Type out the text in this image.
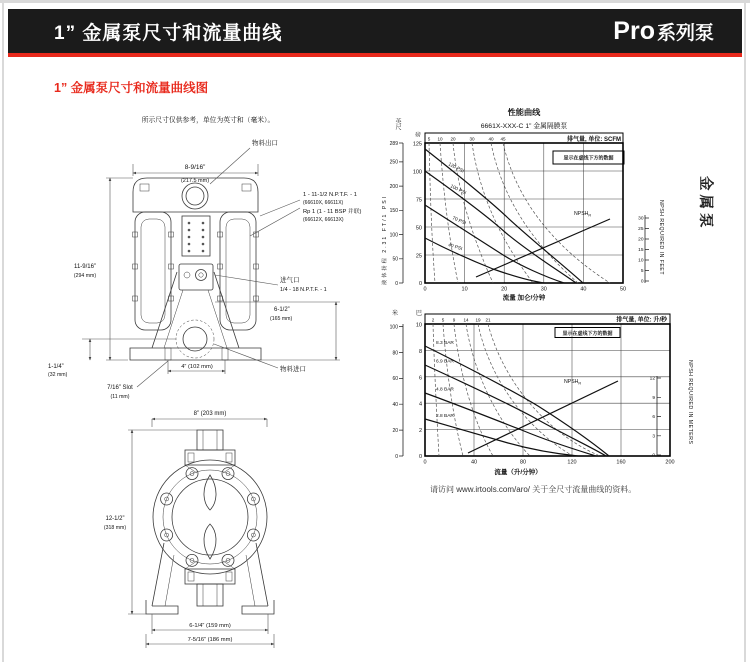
1” 金属泵尺寸和流量曲线	Pro 系列泵
1” 金属泵尺寸和流量曲线图
金属泵
所示尺寸仅供参考，单位为英寸和（毫米）。
8-9/16”
(217.5 mm)
11-9/16”
(294 mm)
物料出口
1 - 11-1/2 N.P.T.F. - 1
(66610X, 66611X)
Rp 1 (1 - 11 BSP 并联)
(66612X, 66613X)
进气口
1/4 - 18 N.P.T.F. - 1
6-1/2”
(165 mm)
1-1/4”
(32 mm)
7/16” Slot
(11 mm)
4” (102 mm)	物料进口
8” (203 mm)
12-1/2”
(318 mm)
6-1/4” (159 mm)
7-5/16” (186 mm)
性能曲线
6661X-XXX-C 1” 金属隔膜泵
5 10 20	30	40 45	排气量, 单位: SCFM
120 PSI
100 PSI
70 PSI
40 PSI
$NPSH_R$
显示在虚线下方的数据
125
100
75
50
25
0
磅
289
250
200
150
100
50
0
英尺
液体扬程 2.31 FT/1 PSI	30
25
20
15
10
5
0
NPSH REQUIRED IN FEET
0	10	20	30	40	50
流量 加仑/分钟
米	巴
2 5 9 14 19 21	排气量, 单位: 升/秒
8.3 BAR
6.9 BAR
4.8 BAR
2.8 BAR
$NPSH_R$
显示在虚线下方的数据
10
8
6
4
2
0
100
80
60
40
20
0
12
9
6
3
0
NPSH REQUIRED IN METERS
0	40	80	120	160	200
流量（升/分钟）
请访问 www.irtools.com/aro/ 关于全尺寸流量曲线的资料。
